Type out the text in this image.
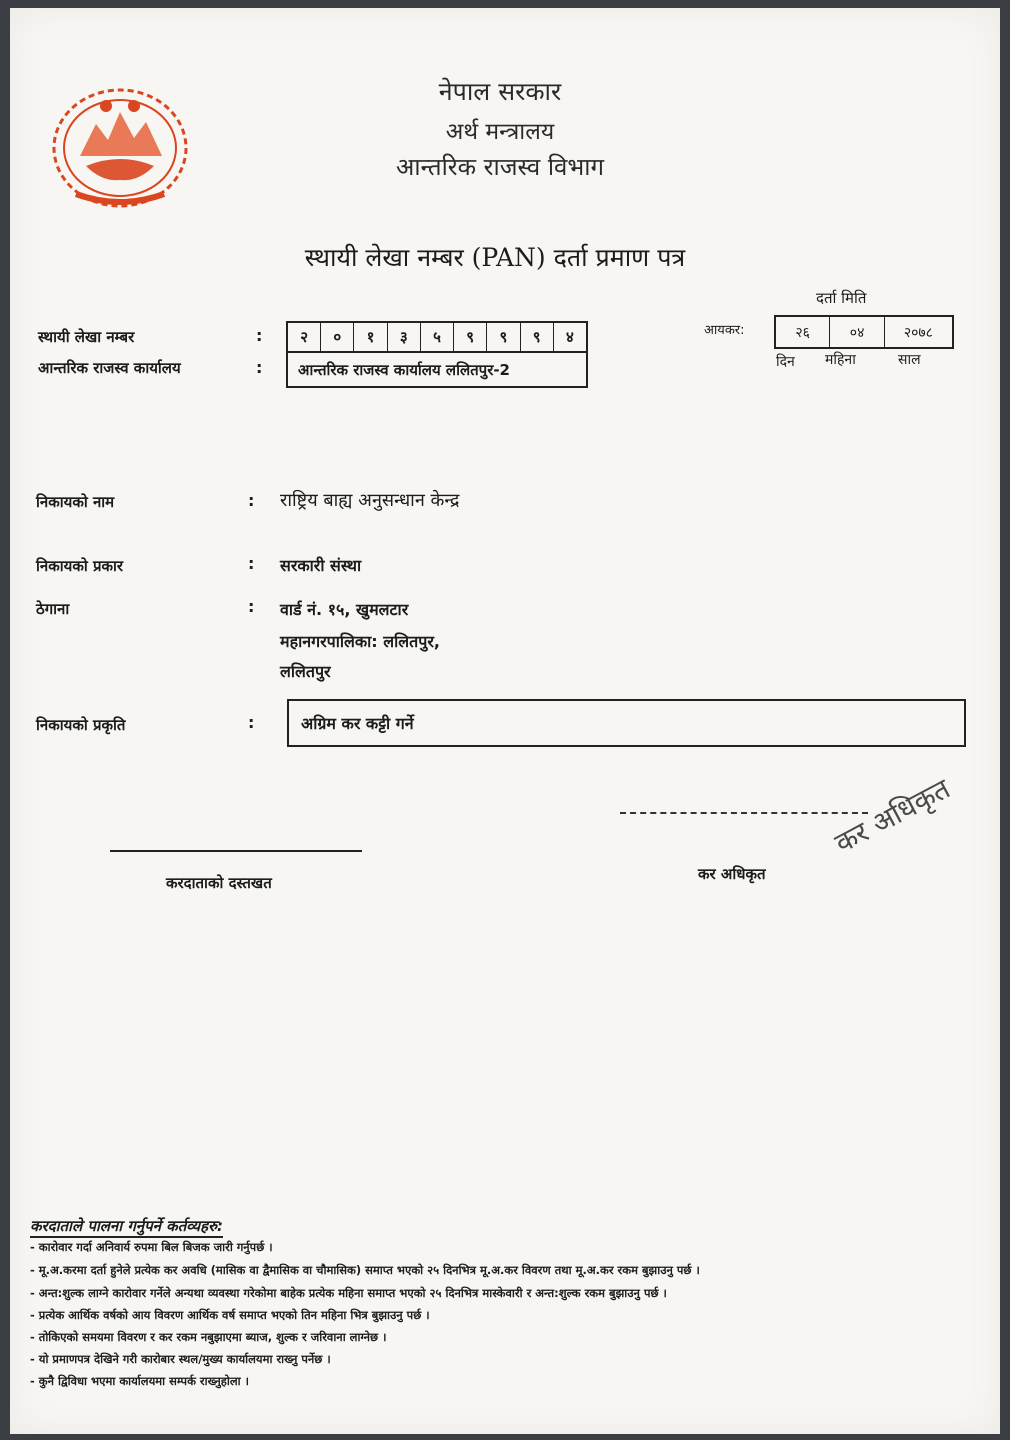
नेपाल सरकार
अर्थ मन्त्रालय
आन्तरिक राजस्व विभाग
स्थायी लेखा नम्बर (PAN) दर्ता प्रमाण पत्र
स्थायी लेखा नम्बर	:	२	०	१	३	५	९	९	९	४
आन्तरिक राजस्व कार्यालय	:	आन्तरिक राजस्व कार्यालय ललितपुर-2
दर्ता मिति
आयकर:	२६	०४	२०७८
दिन महिना	साल
निकायको नाम	: राष्ट्रिय बाह्य अनुसन्धान केन्द्र
निकायको प्रकार	: सरकारी संस्था
ठेगाना	: वार्ड नं. १५, खुमलटार
महानगरपालिका: ललितपुर,
ललितपुर
निकायको प्रकृति	:	अग्रिम कर कट्टी गर्ने
करदाताको दस्तखत	कर अधिकृत
कर अधिकृत
करदाताले पालना गर्नुपर्ने कर्तव्यहरु:
- कारोवार गर्दा अनिवार्य रुपमा बिल बिजक जारी गर्नुपर्छ ।
- मू.अ.करमा दर्ता हुनेले प्रत्येक कर अवधि (मासिक वा द्वैमासिक वा चौमासिक) समाप्त भएको २५ दिनभित्र मू.अ.कर विवरण तथा मू.अ.कर रकम बुझाउनु पर्छ ।
- अन्त:शुल्क लाग्ने कारोवार गर्नेले अन्यथा व्यवस्था गरेकोमा बाहेक प्रत्येक महिना समाप्त भएको २५ दिनभित्र मास्केवारी र अन्त:शुल्क रकम बुझाउनु पर्छ ।
- प्रत्येक आर्थिक वर्षको आय विवरण आर्थिक वर्ष समाप्त भएको तिन महिना भित्र बुझाउनु पर्छ ।
- तोकिएको समयमा विवरण र कर रकम नबुझाएमा ब्याज, शुल्क र जरिवाना लाग्नेछ ।
- यो प्रमाणपत्र देखिने गरी कारोबार स्थल/मुख्य कार्यालयमा राख्नु पर्नेछ ।
- कुनै द्विविधा भएमा कार्यालयमा सम्पर्क राख्नुहोला ।
